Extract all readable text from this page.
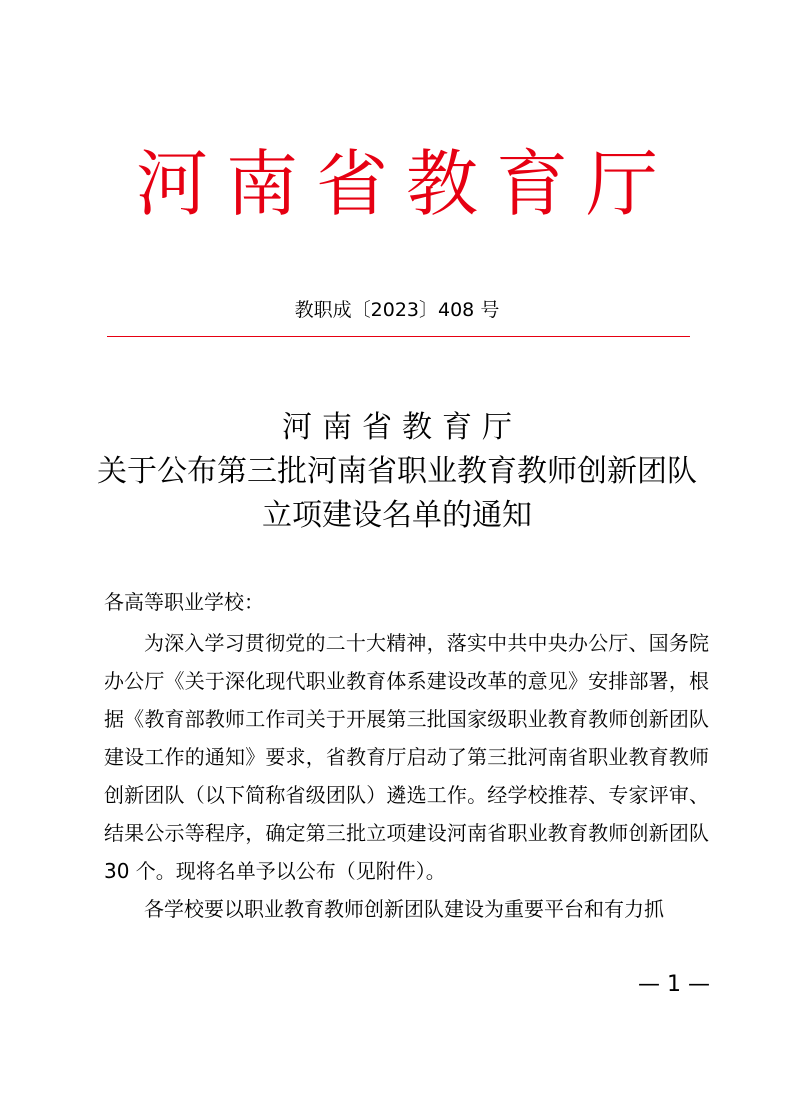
河南省教育厅
教职成〔2023〕408 号
河南省教育厅
关于公布第三批河南省职业教育教师创新团队
立项建设名单的通知
各高等职业学校：

为深入学习贯彻党的二十大精神，落实中共中央办公厅、国务院办公厅《关于深化现代职业教育体系建设改革的意见》安排部署，根据《教育部教师工作司关于开展第三批国家级职业教育教师创新团队建设工作的通知》要求，省教育厅启动了第三批河南省职业教育教师创新团队（以下简称省级团队）遴选工作。经学校推荐、专家评审、结果公示等程序，确定第三批立项建设河南省职业教育教师创新团队 30 个。现将名单予以公布（见附件）。

各学校要以职业教育教师创新团队建设为重要平台和有力抓

— 1 —
